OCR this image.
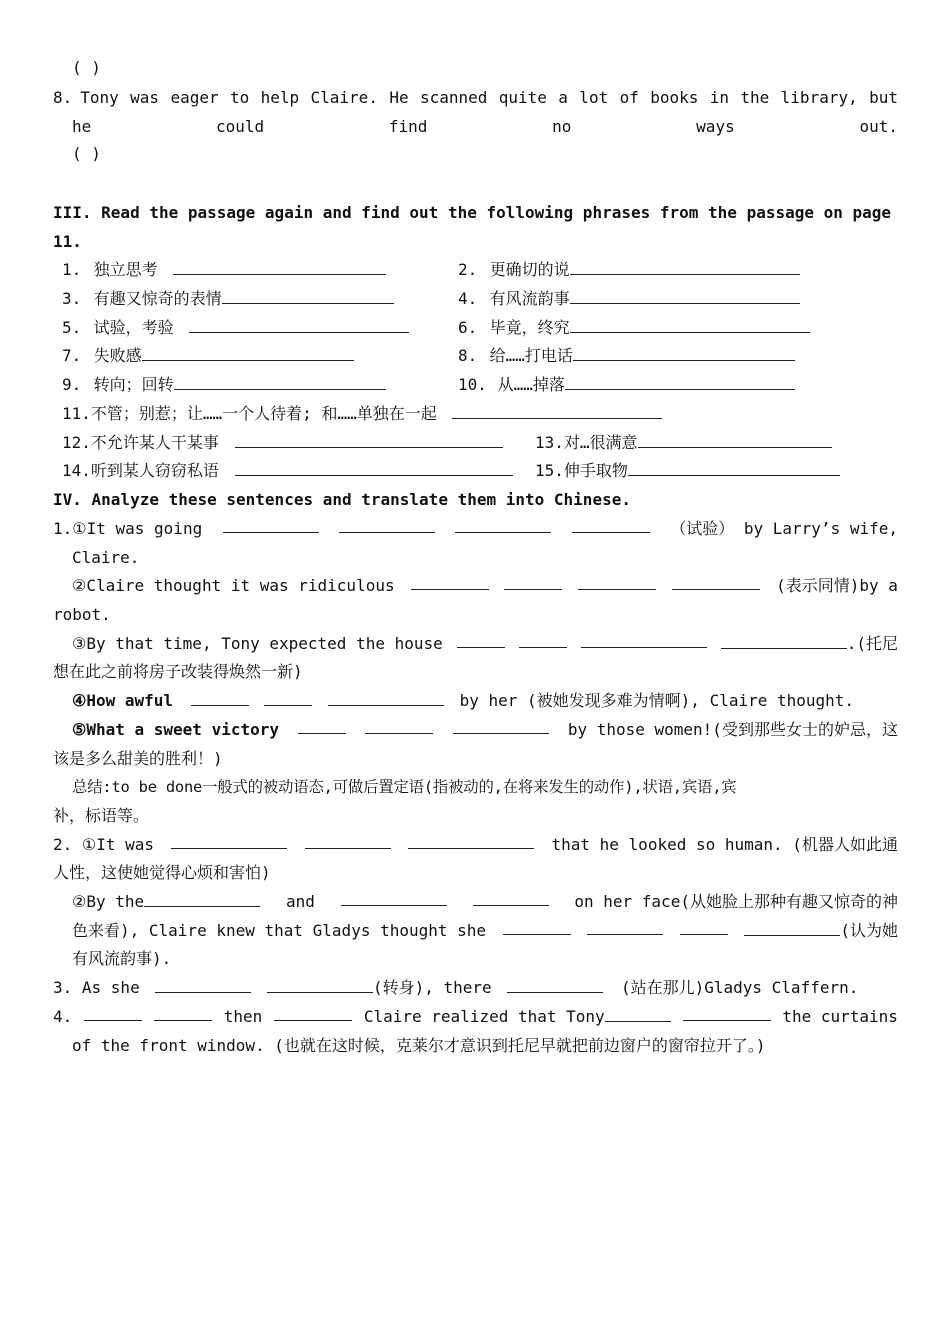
( )
8. Tony was eager to help Claire. He scanned quite a lot of books in the library, but
he	could	find	no	ways	out.
( )
III. Read the passage again and find out the following phrases from the passage on page
11.
1. 独立思考	2. 更确切的说
3. 有趣又惊奇的表情	4. 有风流韵事
5. 试验，考验	6. 毕竟，终究
7. 失败感	8. 给……打电话
9. 转向；回转	10. 从……掉落
11.不管；别惹；让……一个人待着; 和……单独在一起
12.不允许某人干某事	13.对…很满意
14.听到某人窃窃私语	15.伸手取物
IV. Analyze these sentences and translate them into Chinese.
1.①It was going	（试验） by Larry’s wife,
Claire.
②Claire thought it was ridiculous	(表示同情)by a
robot.
③By that time, Tony expected the house	.(托尼
想在此之前将房子改装得焕然一新)
④How awful	by her (被她发现多难为情啊), Claire thought.
⑤What a sweet victory	by those women!(受到那些女士的妒忌，这
该是多么甜美的胜利！)
总结:to be done一般式的被动语态,可做后置定语(指被动的,在将来发生的动作),状语,宾语,宾
补，标语等。
2. ①It was	that he looked so human. (机器人如此通
人性，这使她觉得心烦和害怕)
②By the	and	on her face(从她脸上那种有趣又惊奇的神
色来看), Claire knew that Gladys thought she	(认为她
有风流韵事).
3. As she	(转身), there	(站在那儿)Gladys Claffern.
4.	then	Claire realized that Tony	the curtains
of the front window. (也就在这时候，克莱尔才意识到托尼早就把前边窗户的窗帘拉开了。)
